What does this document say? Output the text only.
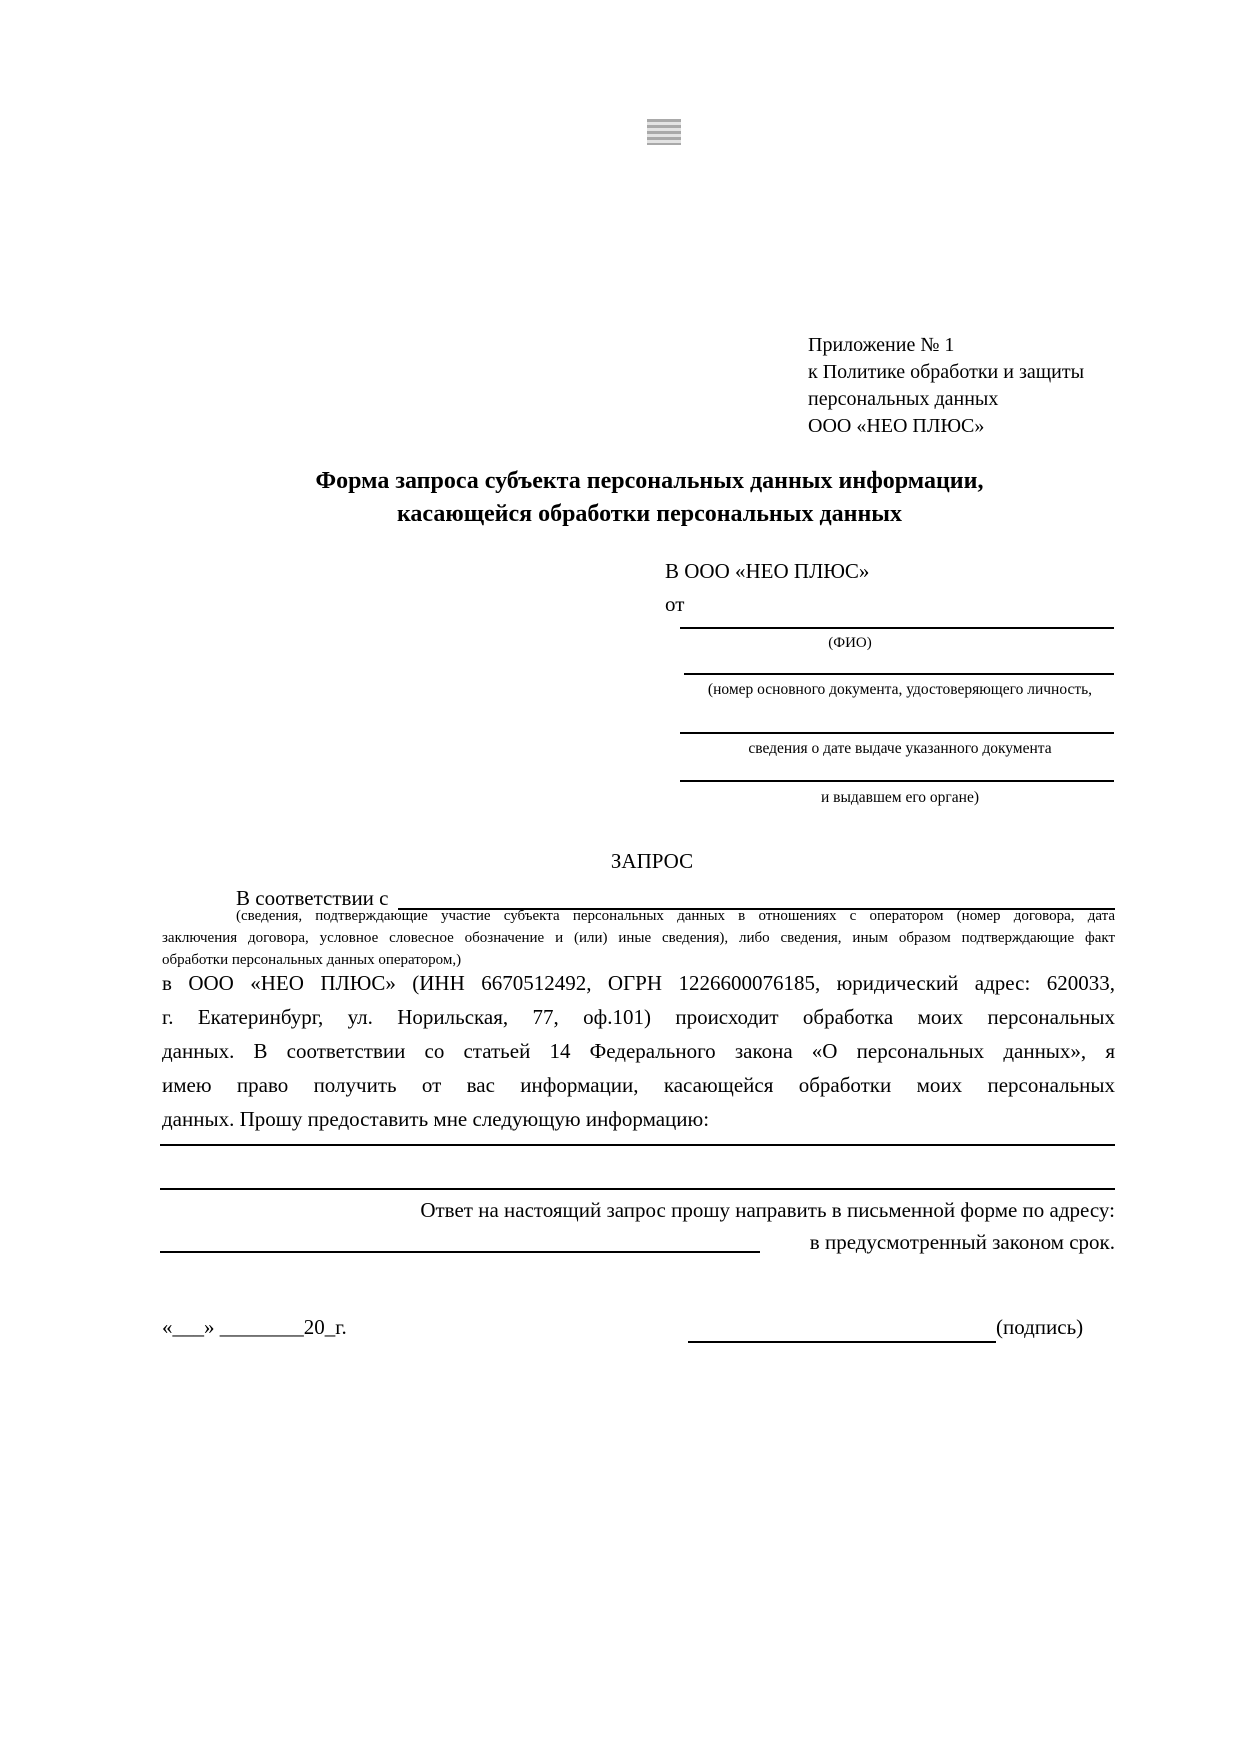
Приложение № 1
к Политике обработки и защиты
персональных данных
ООО «НЕО ПЛЮС»
Форма запроса субъекта персональных данных информации,
касающейся обработки персональных данных
В ООО «НЕО ПЛЮС»
от
(ФИО)
(номер основного документа, удостоверяющего личность,
сведения о дате выдаче указанного документа
и выдавшем его органе)
ЗАПРОС
В соответствии с
(сведения, подтверждающие участие субъекта персональных данных в отношениях с оператором (номер договора, дата
заключения договора, условное словесное обозначение и (или) иные сведения), либо сведения, иным образом подтверждающие факт
обработки персональных данных оператором,)
в ООО «НЕО ПЛЮС» (ИНН 6670512492, ОГРН 1226600076185, юридический адрес: 620033,
г. Екатеринбург, ул. Норильская, 77, оф.101) происходит обработка моих персональных
данных. В соответствии со статьей 14 Федерального закона «О персональных данных», я
имею право получить от вас информации, касающейся обработки моих персональных
данных. Прошу предоставить мне следующую информацию:
Ответ на настоящий запрос прошу направить в письменной форме по адресу:
в предусмотренный законом срок.
«___» ________20_г.	(подпись)
